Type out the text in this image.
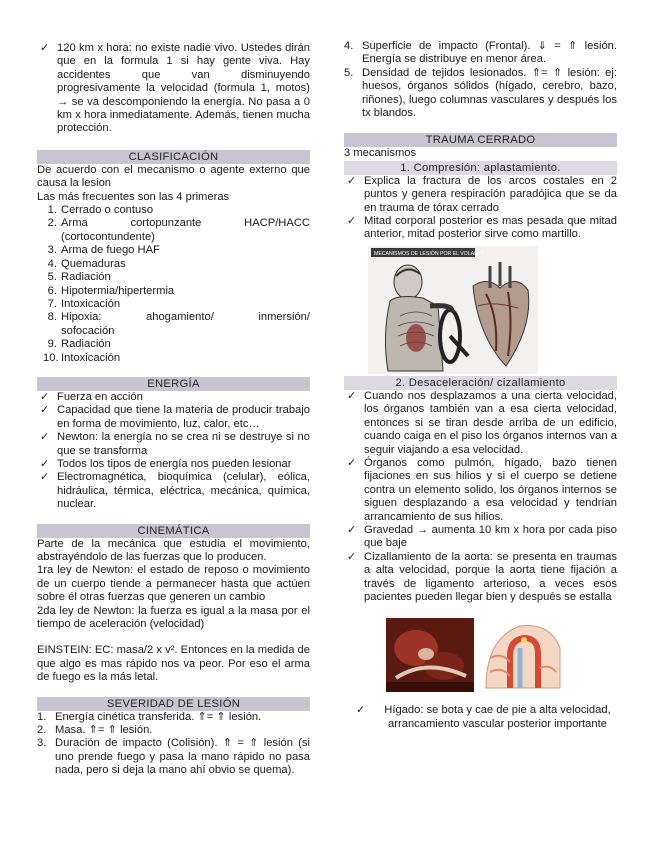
✓ 120 km x hora: no existe nadie vivo. Ustedes dirán que en la formula 1 si hay gente viva. Hay accidentes que van disminuyendo progresivamente la velocidad (formula 1, motos) → se va descomponiendo la energía. No pasa a 0 km x hora inmediatamente. Además, tienen mucha protección.
CLASIFICACIÓN

De acuerdo con el mecanismo o agente externo que causa la lesion

Las más frecuentes son las 4 primeras

1. Cerrado o contuso
2. Arma	cortopunzante	HACP/HACC
(cortocontundente)
3. Arma de fuego HAF
4. Quemaduras
5. Radiación
6. Hipotermia/hipertermia
7. Intoxicación
8. Hipoxia:	ahogamiento/	inmersión/
sofocación
9. Radiación
10. Intoxicación
ENERGÍA
✓ Fuerza en acción
✓ Capacidad que tiene la materia de producir trabajo en forma de movimiento, luz, calor, etc…
✓ Newton: la energía no se crea ni se destruye si no que se transforma
✓ Todos los tipos de energía nos pueden lesionar
✓ Electromagnética, bioquímica (celular), eólica, hidráulica, térmica, eléctrica, mecánica, química, nuclear.
CINEMÁTICA

Parte de la mecánica que estudia el movimiento, abstrayéndolo de las fuerzas que lo producen.

1ra ley de Newton: el estado de reposo o movimiento de un cuerpo tiende a permanecer hasta que actúen sobre él otras fuerzas que generen un cambio

2da ley de Newton: la fuerza es igual a la masa por el tiempo de aceleración (velocidad)

EINSTEIN: EC: masa/2 x v². Entonces en la medida de que algo es mas rápido nos va peor. Por eso el arma de fuego es la más letal.

SEVERIDAD DE LESIÓN
1. Energía cinética transferida. ⇑= ⇑ lesión.
2. Masa. ⇑= ⇑ lesión.
3. Duración de impacto (Colisión). ⇑ = ⇑ lesión (si uno prende fuego y pasa la mano rápido no pasa nada, pero si deja la mano ahí obvio se quema).
4. Superficie de impacto (Frontal). ⇓ = ⇑ lesión. Energía se distribuye en menor área.
5. Densidad de tejidos lesionados. ⇑= ⇑ lesión: ej: huesos, órganos sólidos (hígado, cerebro, bazo, riñones), luego columnas vasculares y después los tx blandos.
TRAUMA CERRADO

3 mecanismos

1. Compresión: aplastamiento.
✓ Explica la fractura de los arcos costales en 2 puntos y genera respiración paradójica que se da en trauma de tórax cerrado
✓ Mitad corporal posterior es mas pesada que mitad anterior, mitad posterior sirve como martillo.
MECANISMOS DE LESIÓN POR EL VOLANTE
2. Desaceleración/ cizallamiento
✓ Cuando nos desplazamos a una cierta velocidad, los órganos también van a esa cierta velocidad, entonces si se tiran desde arriba de un edificio, cuando caiga en el piso los órganos internos van a seguir viajando a esa velocidad.
✓ Órganos como pulmón, hígado, bazo tienen fijaciones en sus hilios y si el cuerpo se detiene contra un elemento solido, los órganos internos se siguen desplazando a esa velocidad y tendrían arrancamiento de sus hilios.
✓ Gravedad → aumenta 10 km x hora por cada piso que baje
✓ Cizallamiento de la aorta: se presenta en traumas a alta velocidad, porque la aorta tiene fijación a través de ligamento arterioso, a veces esos pacientes pueden llegar bien y después se estalla
✓	Hígado: se bota y cae de pie a alta velocidad, arrancamiento vascular posterior importante
